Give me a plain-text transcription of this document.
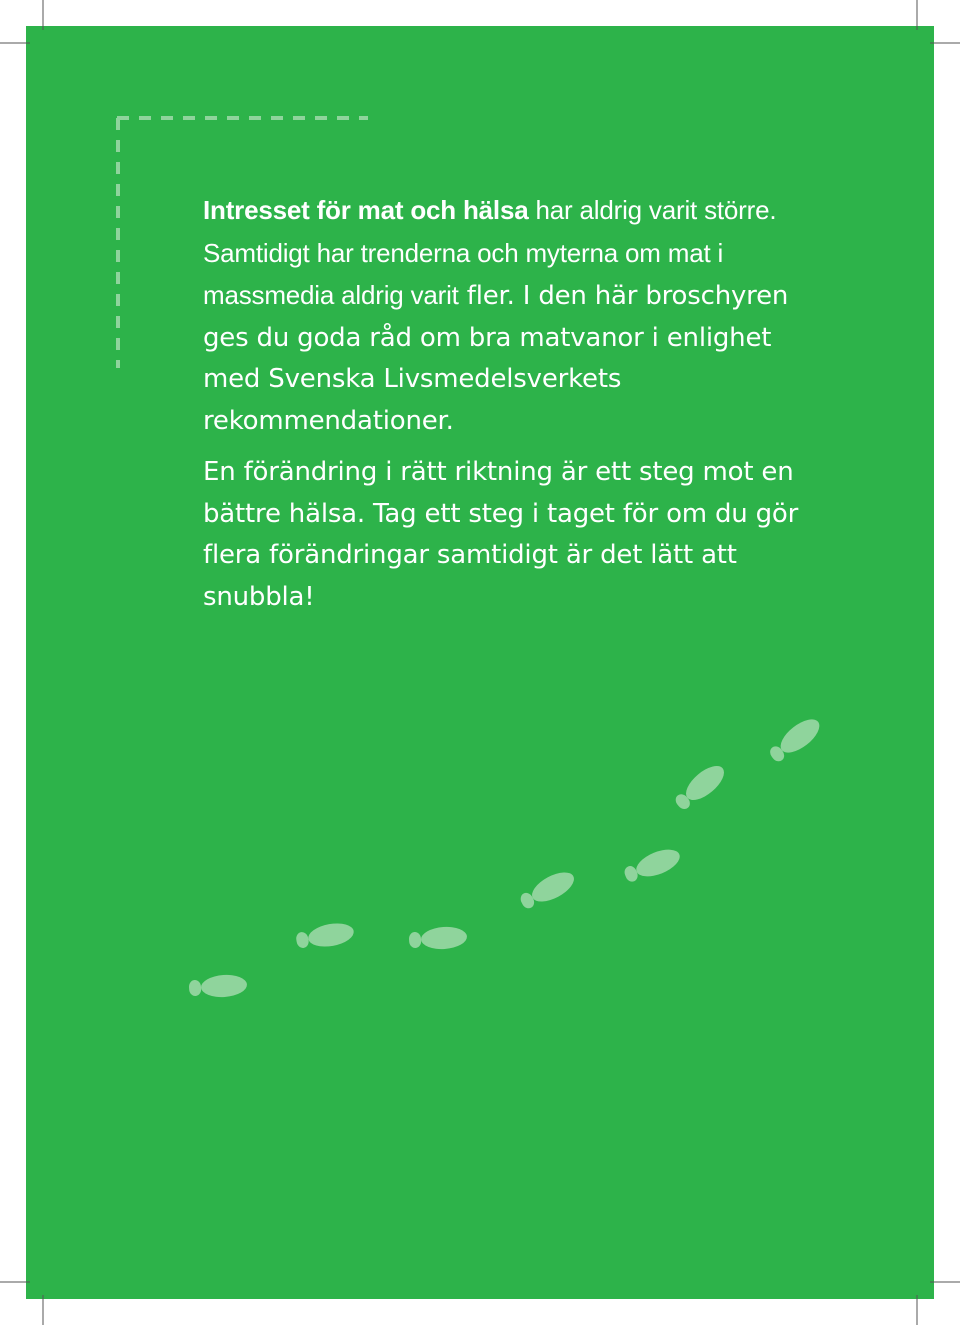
Intresset för mat och hälsa har aldrig varit större. Samtidigt har trenderna och myterna om mat i massmedia aldrig varit fler. I den här broschyren ges du goda råd om bra matvanor i enlighet med Svenska Livsmedelsverkets rekommendationer.

En förändring i rätt riktning är ett steg mot en bättre hälsa. Tag ett steg i taget för om du gör flera förändringar samtidigt är det lätt att snubbla!
